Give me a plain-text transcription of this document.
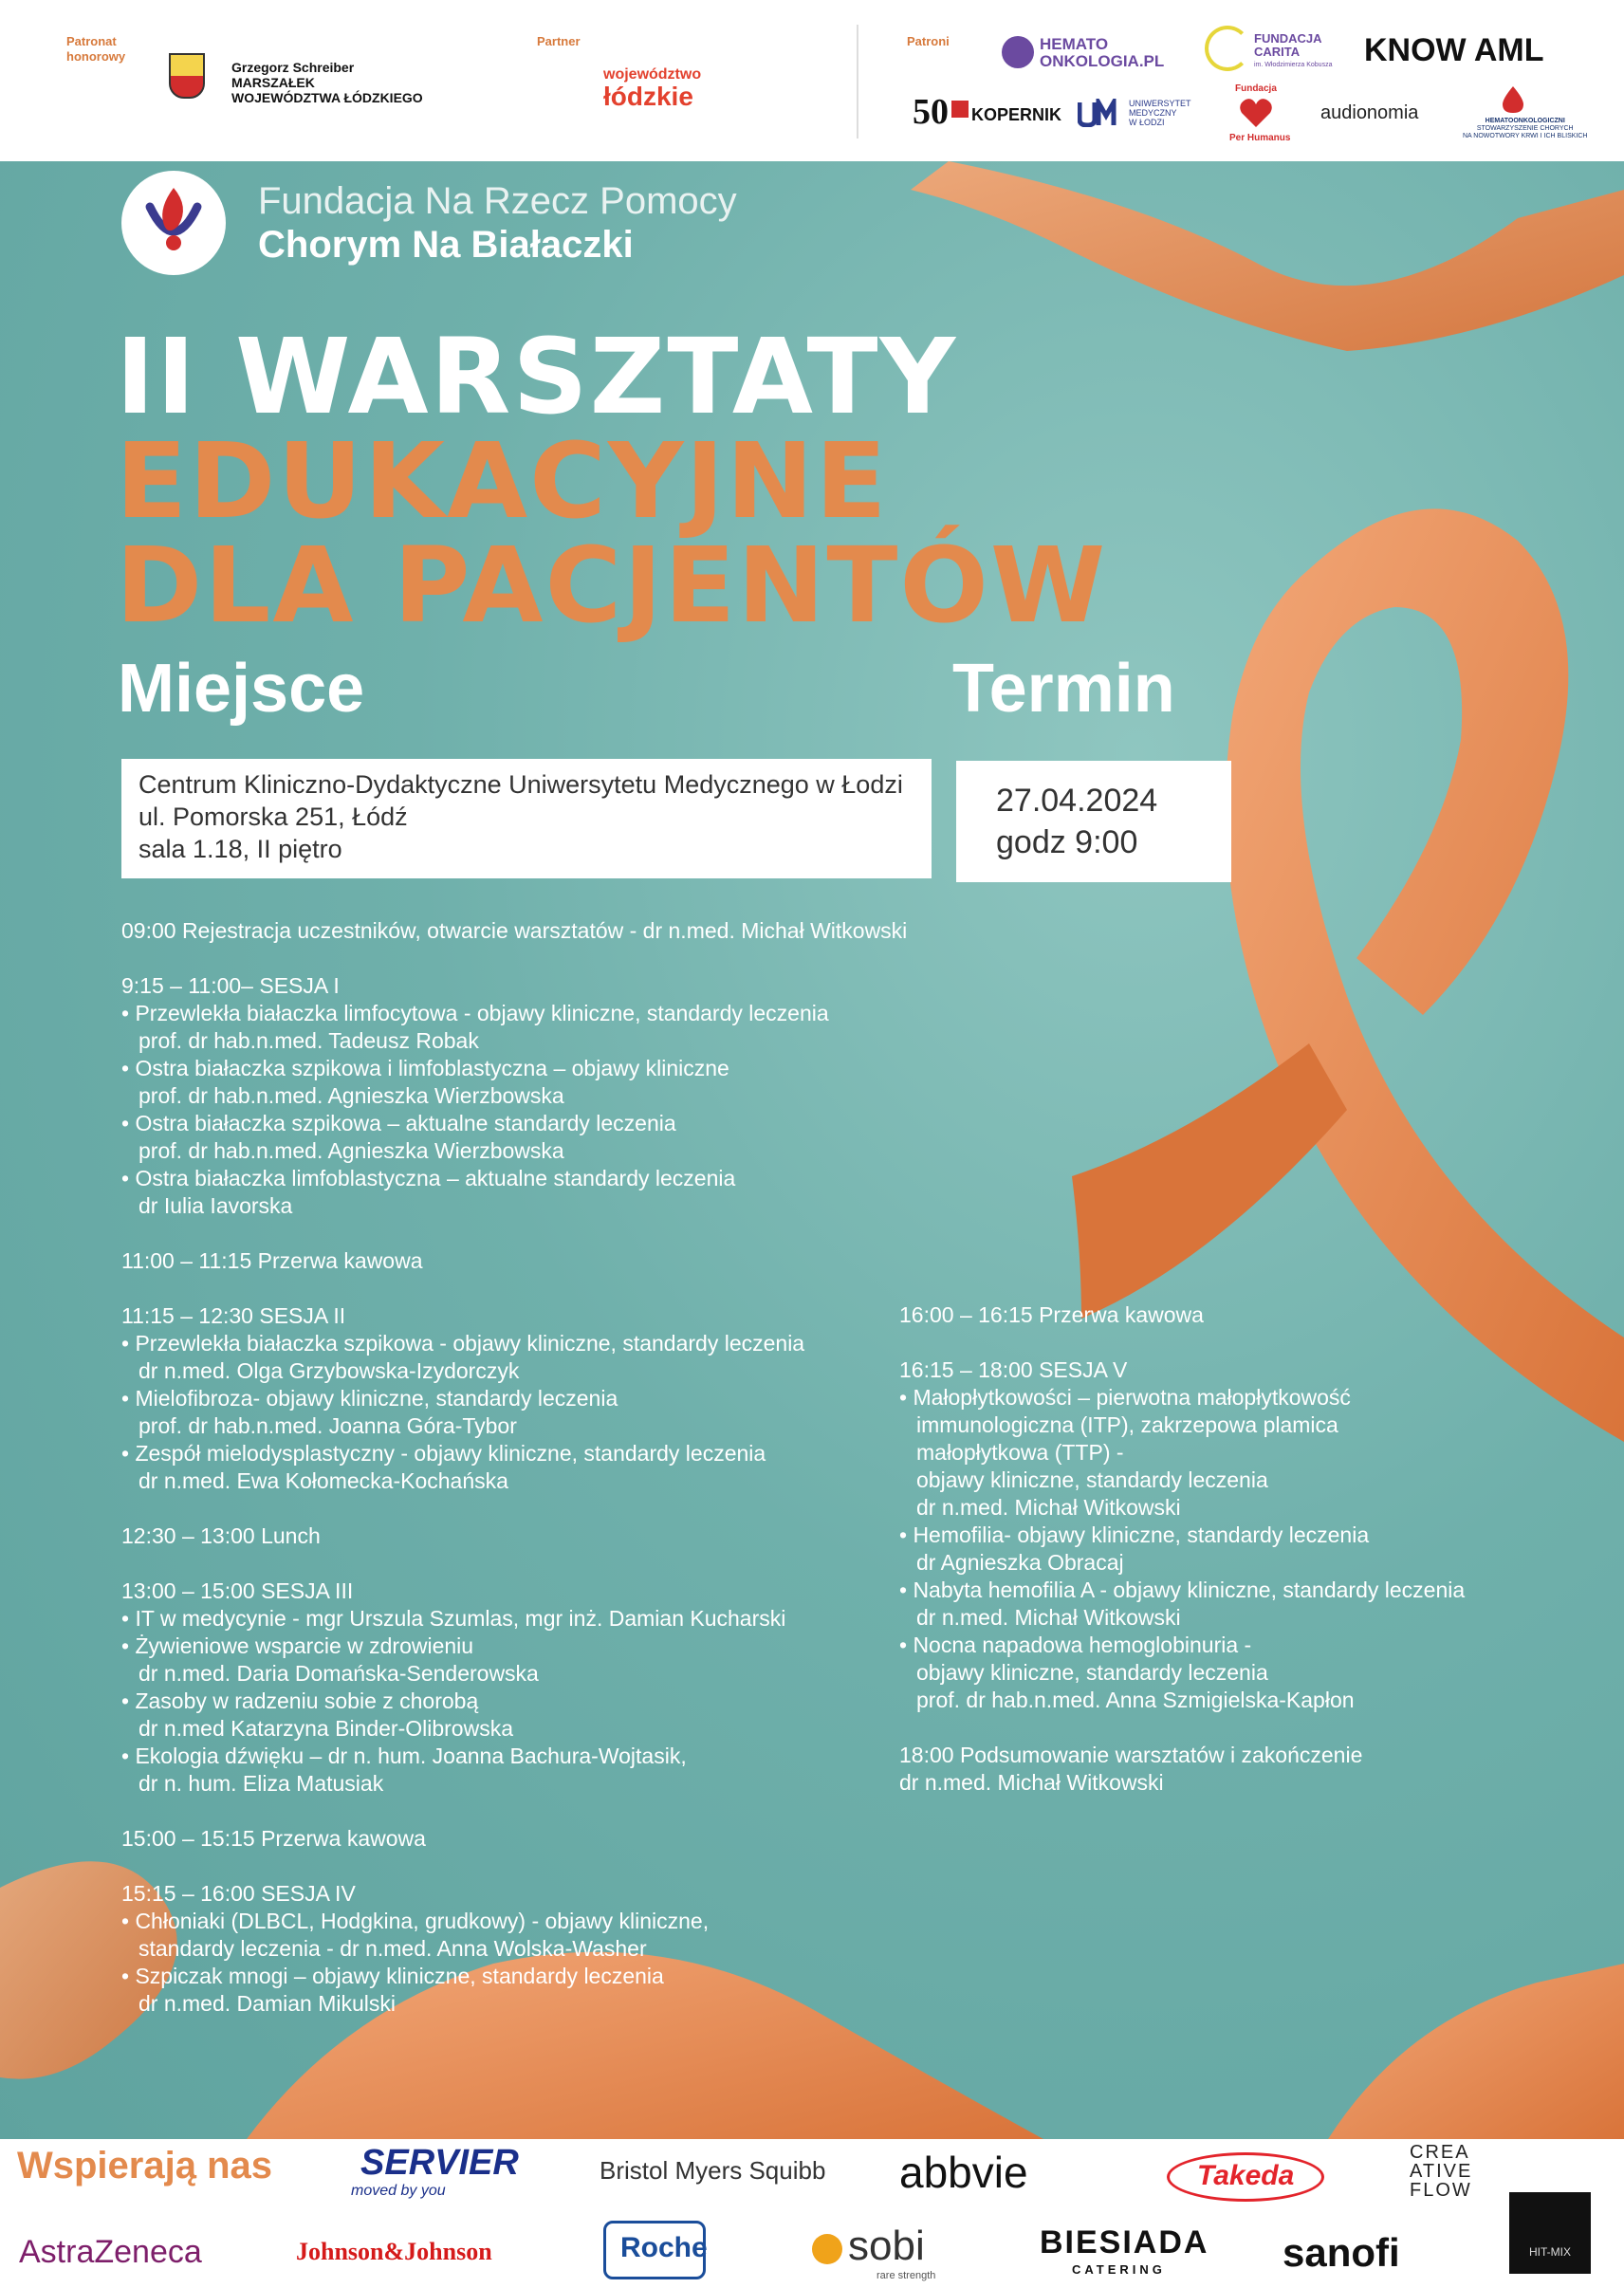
Patronat
honorowy
Grzegorz Schreiber
MARSZAŁEK
WOJEWÓDZTWA ŁÓDZKIEGO
Partner
województwo
łódzkie
Patroni	HEMATO
ONKOLOGIA.PL
FUNDACJA
CARITA
im. Włodzimierza Kobusza KNOW AML
50 KOPERNIK
UNIWERSYTET
MEDYCZNY
W ŁODZI
Fundacja
Per Humanus
audionomia	HEMATOONKOLOGICZNI
STOWARZYSZENIE CHORYCH
NA NOWOTWORY KRWI I ICH BLISKICH
Fundacja Na Rzecz Pomocy
Chorym Na Białaczki
II WARSZTATY
EDUKACYJNE
DLA PACJENTÓW
Miejsce	Termin
Centrum Kliniczno-Dydaktyczne Uniwersytetu Medycznego w Łodzi
ul. Pomorska 251, Łódź
sala 1.18, II piętro
27.04.2024
godz 9:00
09:00 Rejestracja uczestników, otwarcie warsztatów - dr n.med. Michał Witkowski
9:15 – 11:00– SESJA I
• Przewlekła białaczka limfocytowa - objawy kliniczne, standardy leczenia
prof. dr hab.n.med. Tadeusz Robak
• Ostra białaczka szpikowa i limfoblastyczna – objawy kliniczne
prof. dr hab.n.med. Agnieszka Wierzbowska
• Ostra białaczka szpikowa – aktualne standardy leczenia
prof. dr hab.n.med. Agnieszka Wierzbowska
• Ostra białaczka limfoblastyczna – aktualne standardy leczenia
dr Iulia Iavorska
11:00 – 11:15 Przerwa kawowa
11:15 – 12:30 SESJA II
• Przewlekła białaczka szpikowa - objawy kliniczne, standardy leczenia
dr n.med. Olga Grzybowska-Izydorczyk
• Mielofibroza- objawy kliniczne, standardy leczenia
prof. dr hab.n.med. Joanna Góra-Tybor
• Zespół mielodysplastyczny - objawy kliniczne, standardy leczenia
dr n.med. Ewa Kołomecka-Kochańska
12:30 – 13:00 Lunch
13:00 – 15:00 SESJA III
• IT w medycynie - mgr Urszula Szumlas, mgr inż. Damian Kucharski
• Żywieniowe wsparcie w zdrowieniu
dr n.med. Daria Domańska-Senderowska
• Zasoby w radzeniu sobie z chorobą
dr n.med Katarzyna Binder-Olibrowska
• Ekologia dźwięku – dr n. hum. Joanna Bachura-Wojtasik,
dr n. hum. Eliza Matusiak
15:00 – 15:15 Przerwa kawowa
15:15 – 16:00 SESJA IV
• Chłoniaki (DLBCL, Hodgkina, grudkowy) - objawy kliniczne,
standardy leczenia - dr n.med. Anna Wolska-Washer
• Szpiczak mnogi – objawy kliniczne, standardy leczenia
dr n.med. Damian Mikulski
16:00 – 16:15 Przerwa kawowa
16:15 – 18:00 SESJA V
• Małopłytkowości – pierwotna małopłytkowość
immunologiczna (ITP), zakrzepowa plamica
małopłytkowa (TTP) -
objawy kliniczne, standardy leczenia
dr n.med. Michał Witkowski
• Hemofilia- objawy kliniczne, standardy leczenia
dr Agnieszka Obracaj
• Nabyta hemofilia A - objawy kliniczne, standardy leczenia
dr n.med. Michał Witkowski
• Nocna napadowa hemoglobinuria -
objawy kliniczne, standardy leczenia
prof. dr hab.n.med. Anna Szmigielska-Kapłon
18:00 Podsumowanie warsztatów i zakończenie
dr n.med. Michał Witkowski
Wspierają nas SERVIER
moved by you
Bristol Myers Squibb abbvie	Takeda
CREA
ATIVE
FLOW
AstraZeneca	Johnson&Johnson	Roche	sobi
rare strength
BIESIADA
CATERING	sanofi	HIT-MIX
